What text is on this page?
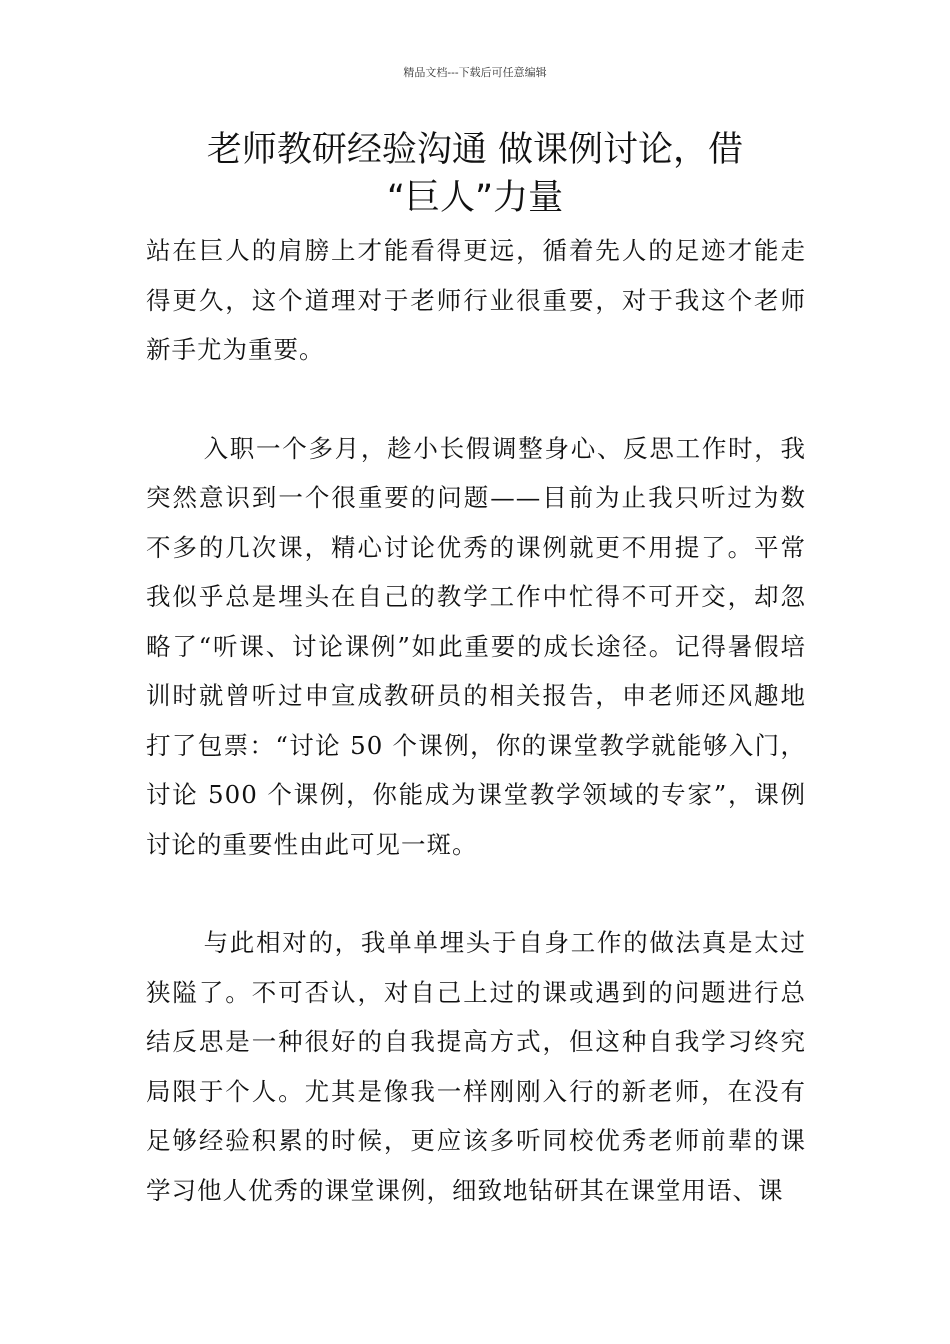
精品文档---下载后可任意编辑
老师教研经验沟通 做课例讨论，借
“巨人”力量

站在巨人的肩膀上才能看得更远，循着先人的足迹才能走得更久，这个道理对于老师行业很重要，对于我这个老师新手尤为重要。

入职一个多月，趁小长假调整身心、反思工作时，我突然意识到一个很重要的问题——目前为止我只听过为数不多的几次课，精心讨论优秀的课例就更不用提了。平常我似乎总是埋头在自己的教学工作中忙得不可开交，却忽略了“听课、讨论课例”如此重要的成长途径。记得暑假培训时就曾听过申宣成教研员的相关报告，申老师还风趣地打了包票：“讨论 50 个课例，你的课堂教学就能够入门，讨论 500 个课例，你能成为课堂教学领域的专家”，课例讨论的重要性由此可见一斑。

与此相对的，我单单埋头于自身工作的做法真是太过狭隘了。不可否认，对自己上过的课或遇到的问题进行总结反思是一种很好的自我提高方式，但这种自我学习终究局限于个人。尤其是像我一样刚刚入行的新老师，在没有足够经验积累的时候，更应该多听同校优秀老师前辈的课学习他人优秀的课堂课例，细致地钻研其在课堂用语、课
